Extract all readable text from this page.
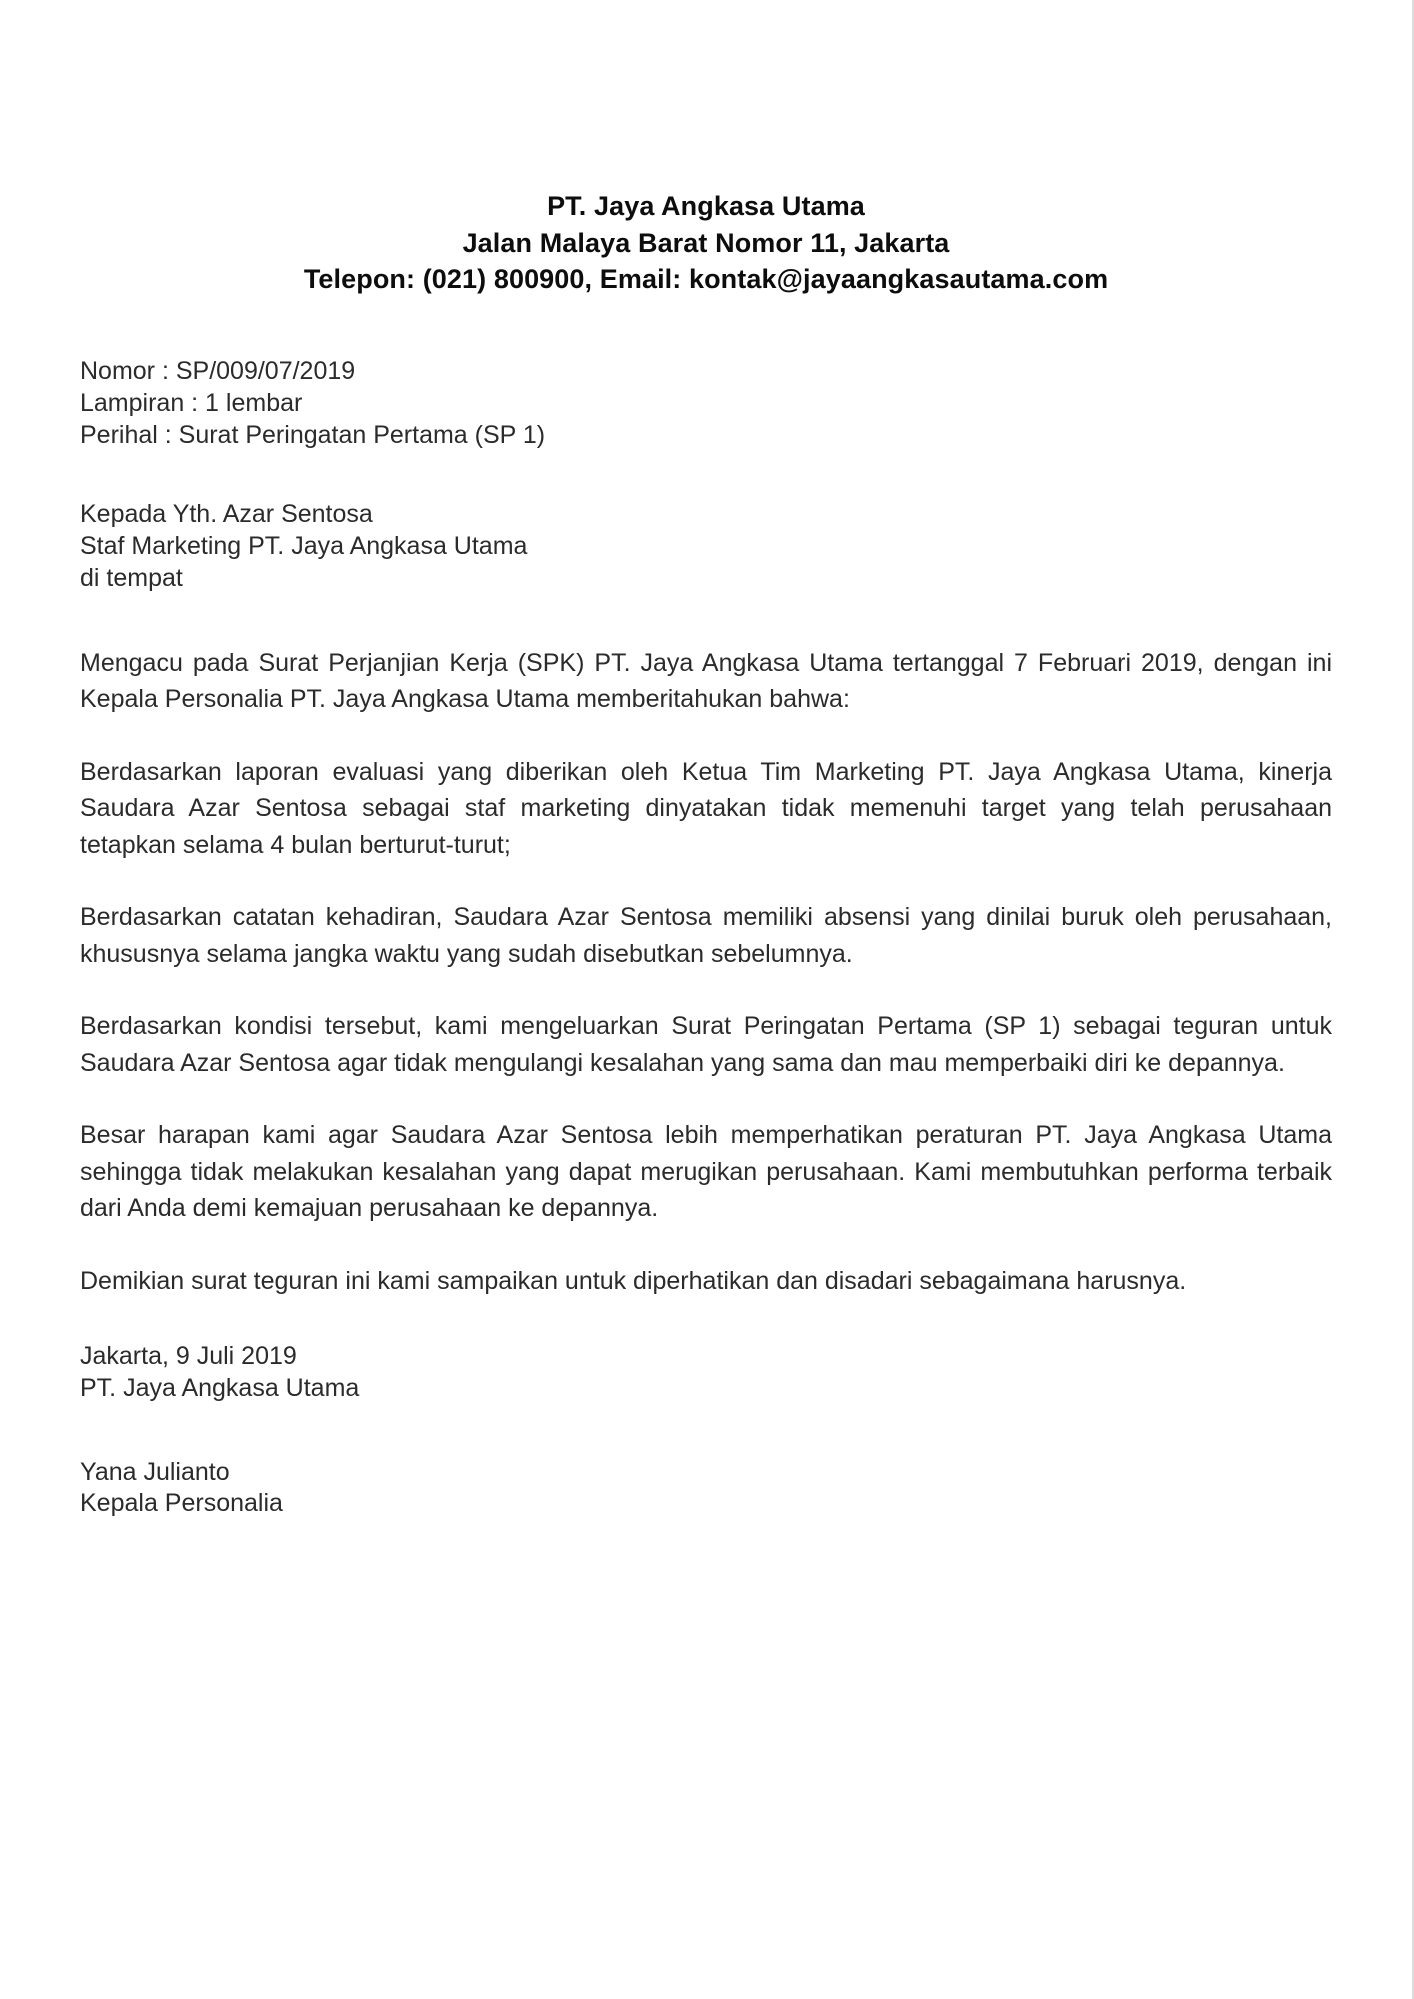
PT. Jaya Angkasa Utama
Jalan Malaya Barat Nomor 11, Jakarta
Telepon: (021) 800900, Email: kontak@jayaangkasautama.com
Nomor : SP/009/07/2019
Lampiran : 1 lembar
Perihal : Surat Peringatan Pertama (SP 1)
Kepada Yth. Azar Sentosa
Staf Marketing PT. Jaya Angkasa Utama
di tempat

Mengacu pada Surat Perjanjian Kerja (SPK) PT. Jaya Angkasa Utama tertanggal 7 Februari 2019, dengan ini Kepala Personalia PT. Jaya Angkasa Utama memberitahukan bahwa:

Berdasarkan laporan evaluasi yang diberikan oleh Ketua Tim Marketing PT. Jaya Angkasa Utama, kinerja Saudara Azar Sentosa sebagai staf marketing dinyatakan tidak memenuhi target yang telah perusahaan tetapkan selama 4 bulan berturut-turut;

Berdasarkan catatan kehadiran, Saudara Azar Sentosa memiliki absensi yang dinilai buruk oleh perusahaan, khususnya selama jangka waktu yang sudah disebutkan sebelumnya.

Berdasarkan kondisi tersebut, kami mengeluarkan Surat Peringatan Pertama (SP 1) sebagai teguran untuk Saudara Azar Sentosa agar tidak mengulangi kesalahan yang sama dan mau memperbaiki diri ke depannya.

Besar harapan kami agar Saudara Azar Sentosa lebih memperhatikan peraturan PT. Jaya Angkasa Utama sehingga tidak melakukan kesalahan yang dapat merugikan perusahaan. Kami membutuhkan performa terbaik dari Anda demi kemajuan perusahaan ke depannya.

Demikian surat teguran ini kami sampaikan untuk diperhatikan dan disadari sebagaimana harusnya.

Jakarta, 9 Juli 2019
PT. Jaya Angkasa Utama
Yana Julianto
Kepala Personalia
